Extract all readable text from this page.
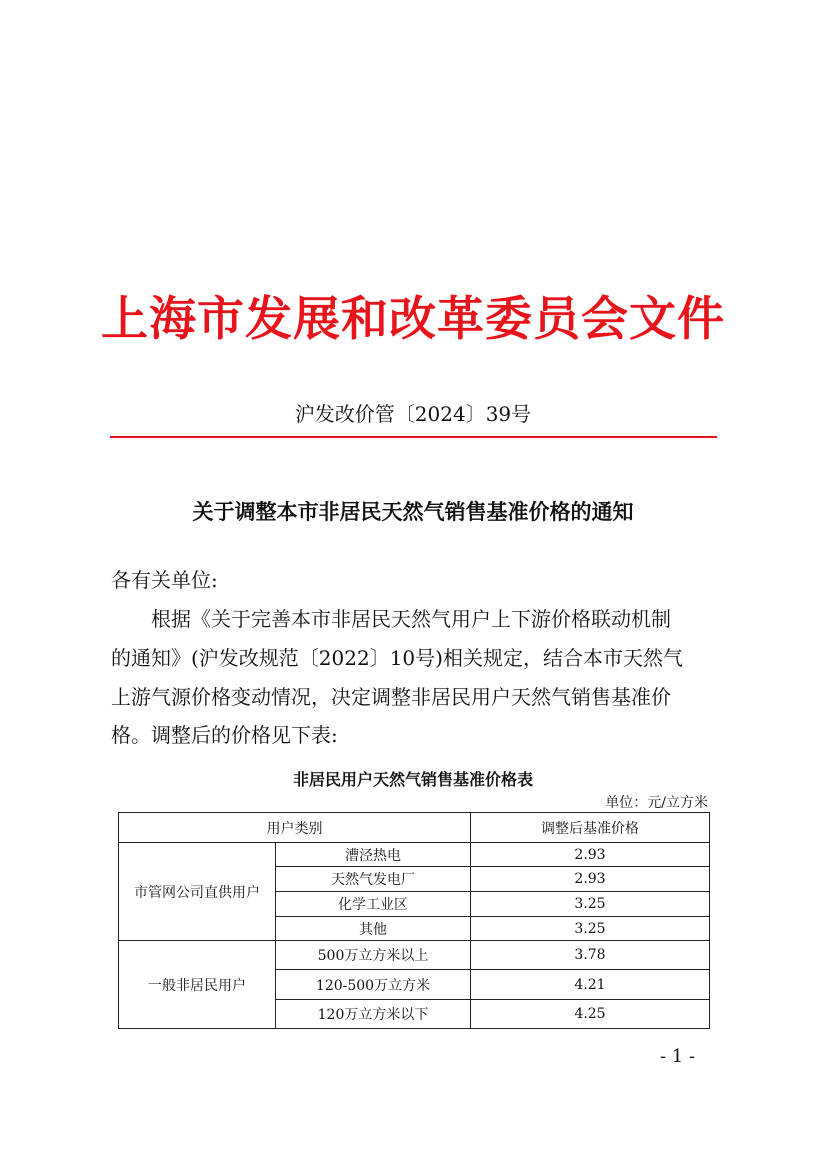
上海市发展和改革委员会文件
沪发改价管〔2024〕39号
关于调整本市非居民天然气销售基准价格的通知
各有关单位:
　　根据《关于完善本市非居民天然气用户上下游价格联动机制
的通知》(沪发改规范〔2022〕10号)相关规定，结合本市天然气
上游气源价格变动情况，决定调整非居民用户天然气销售基准价
格。调整后的价格见下表:
非居民用户天然气销售基准价格表
单位：元/立方米
用户类别		调整后基准价格
市管网公司直供用户	漕泾热电	2.93
	天然气发电厂	2.93
	化学工业区	3.25
	其他	3.25
一般非居民用户	500万立方米以上	3.78
	120-500万立方米	4.21
	120万立方米以下	4.25
- 1 -
